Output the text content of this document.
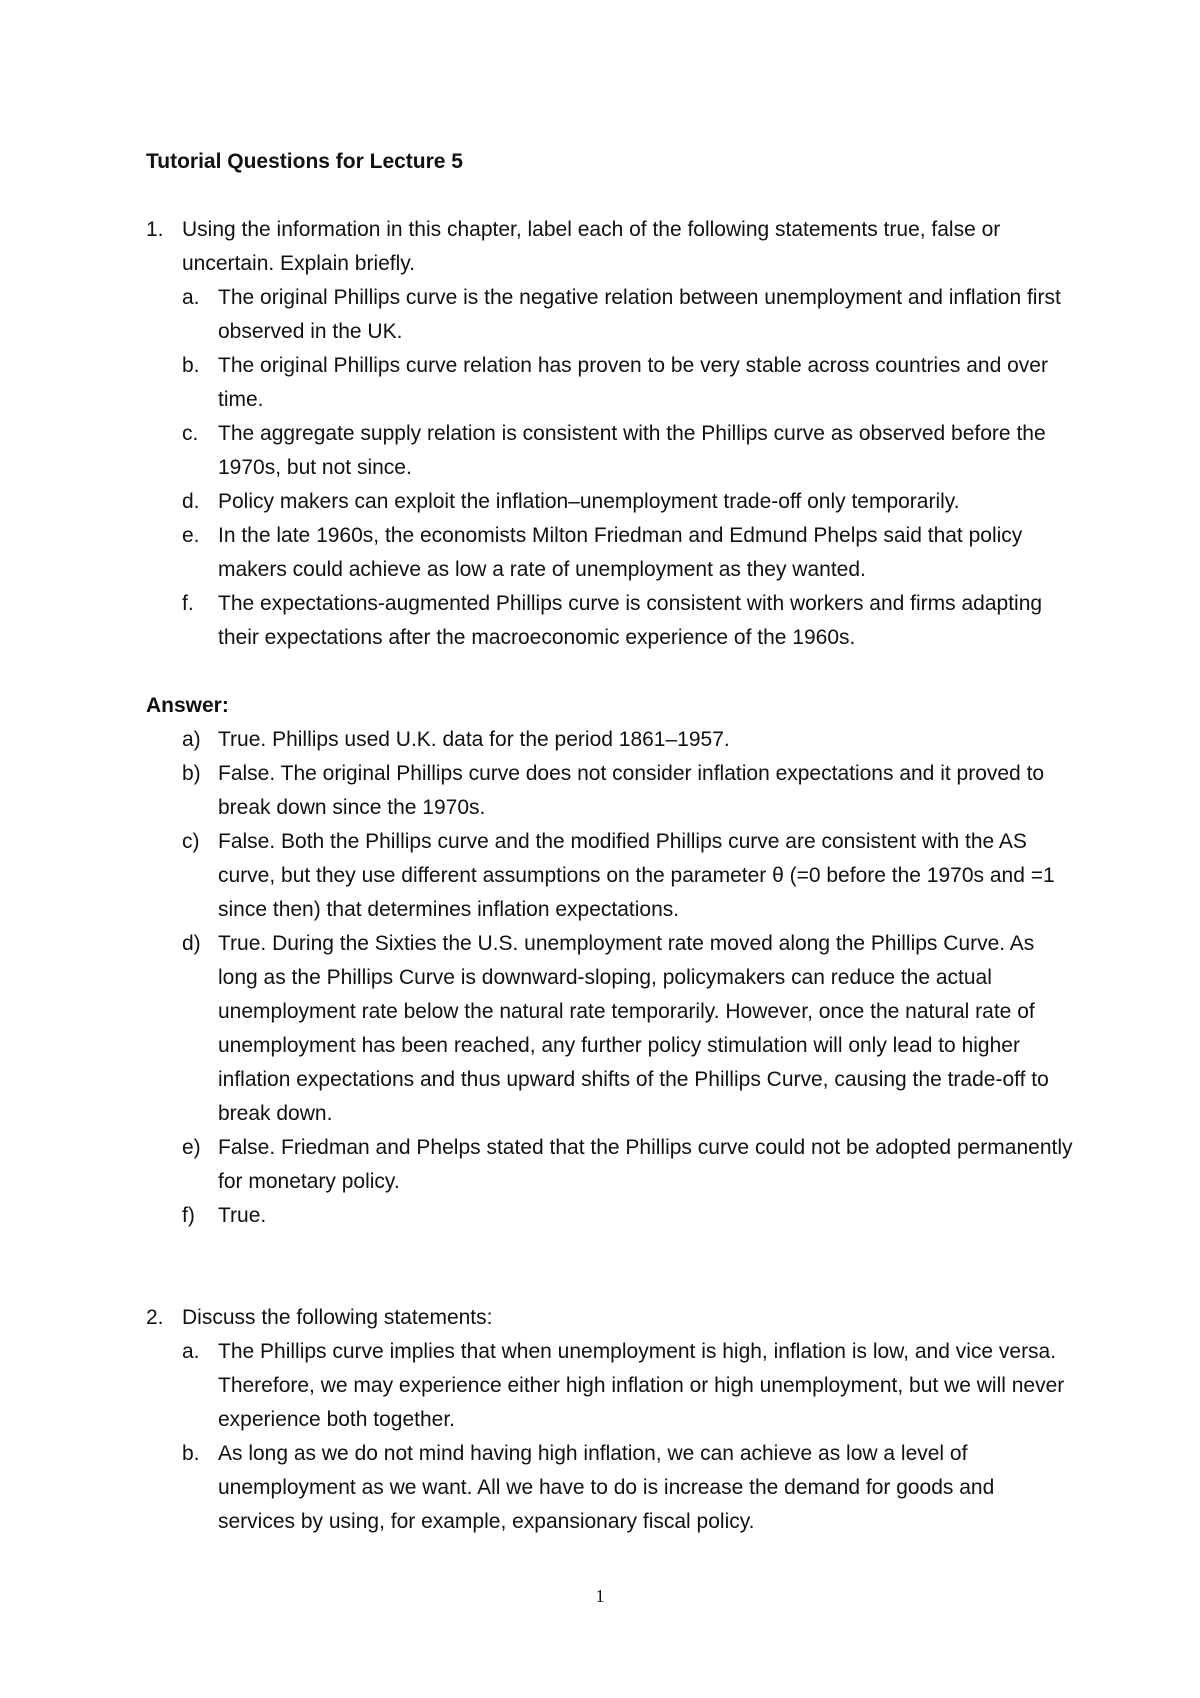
Tutorial Questions for Lecture 5

1. Using the information in this chapter, label each of the following statements true, false or uncertain. Explain briefly.
a. The original Phillips curve is the negative relation between unemployment and inflation first observed in the UK.
b. The original Phillips curve relation has proven to be very stable across countries and over time.
c. The aggregate supply relation is consistent with the Phillips curve as observed before the 1970s, but not since.
d. Policy makers can exploit the inflation–unemployment trade-off only temporarily.
e. In the late 1960s, the economists Milton Friedman and Edmund Phelps said that policy makers could achieve as low a rate of unemployment as they wanted.
f.	The expectations-augmented Phillips curve is consistent with workers and firms adapting their expectations after the macroeconomic experience of the 1960s.

Answer:

a) True. Phillips used U.K. data for the period 1861–1957.
b) False. The original Phillips curve does not consider inflation expectations and it proved to break down since the 1970s.
c) False. Both the Phillips curve and the modified Phillips curve are consistent with the AS curve, but they use different assumptions on the parameter θ (=0 before the 1970s and =1 since then) that determines inflation expectations.
d) True. During the Sixties the U.S. unemployment rate moved along the Phillips Curve. As long as the Phillips Curve is downward-sloping, policymakers can reduce the actual unemployment rate below the natural rate temporarily. However, once the natural rate of unemployment has been reached, any further policy stimulation will only lead to higher inflation expectations and thus upward shifts of the Phillips Curve, causing the trade-off to break down.
e) False. Friedman and Phelps stated that the Phillips curve could not be adopted permanently for monetary policy.
f)	True.
2. Discuss the following statements:
a. The Phillips curve implies that when unemployment is high, inflation is low, and vice versa. Therefore, we may experience either high inflation or high unemployment, but we will never experience both together.
b. As long as we do not mind having high inflation, we can achieve as low a level of unemployment as we want. All we have to do is increase the demand for goods and services by using, for example, expansionary fiscal policy.
1
